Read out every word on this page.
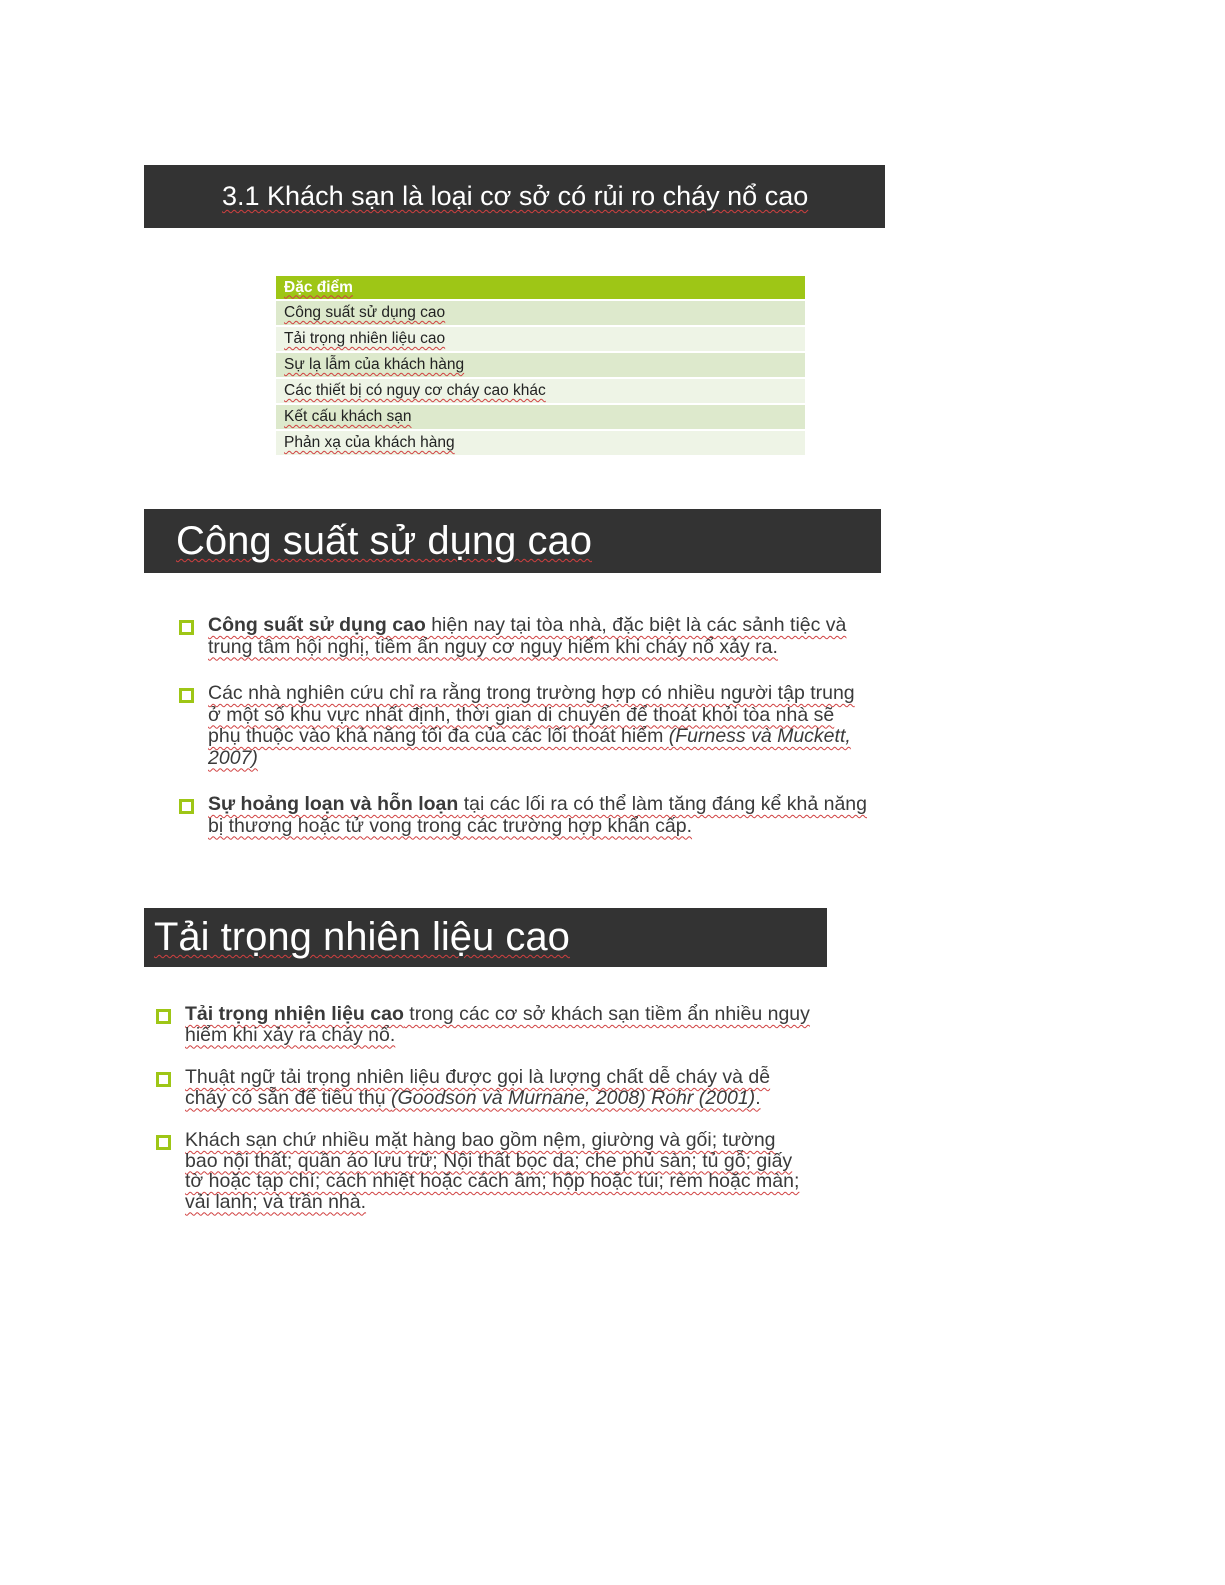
3.1 Khách sạn là loại cơ sở có rủi ro cháy nổ cao
Đặc điểm
Công suất sử dụng cao
Tải trọng nhiên liệu cao
Sự lạ lẫm của khách hàng
Các thiết bị có nguy cơ cháy cao khác
Kết cấu khách sạn
Phản xạ của khách hàng
Công suất sử dụng cao
Công suất sử dụng cao hiện nay tại tòa nhà, đặc biệt là các sảnh tiệc và trung tâm hội nghị, tiềm ẩn nguy cơ nguy hiểm khi cháy nổ xảy ra.
Các nhà nghiên cứu chỉ ra rằng trong trường hợp có nhiều người tập trung ở một số khu vực nhất định, thời gian di chuyển để thoát khỏi tòa nhà sẽ phụ thuộc vào khả năng tối đa của các lối thoát hiểm (Furness và Muckett, 2007)
Sự hoảng loạn và hỗn loạn tại các lối ra có thể làm tăng đáng kể khả năng bị thương hoặc tử vong trong các trường hợp khẩn cấp.
Tải trọng nhiên liệu cao
Tải trọng nhiện liệu cao trong các cơ sở khách sạn tiềm ẩn nhiều nguy hiểm khi xảy ra cháy nổ.
Thuật ngữ tải trọng nhiên liệu được gọi là lượng chất dễ cháy và dễ cháy có sẵn để tiêu thụ (Goodson và Murnane, 2008) Rohr (2001).
Khách sạn chứ nhiều mặt hàng bao gồm nệm, giường và gối; tường bao nội thất; quần áo lưu trữ; Nội thất bọc da; che phủ sàn; tủ gỗ; giấy tờ hoặc tạp chí; cách nhiệt hoặc cách âm; hộp hoặc túi; rèm hoặc màn; vải lanh; và trần nhà.
